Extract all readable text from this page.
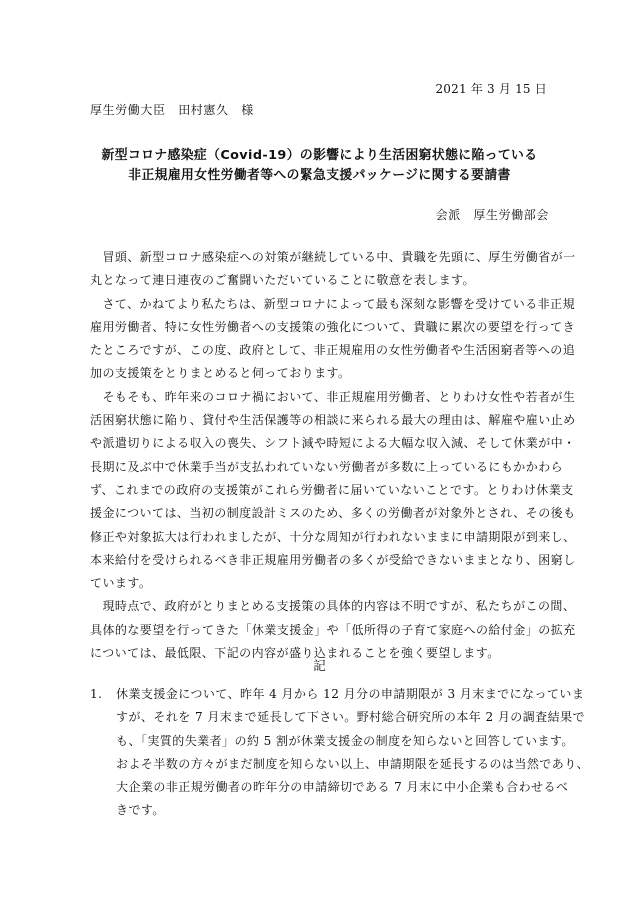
2021 年 3 月 15 日
厚生労働大臣　田村憲久　様
新型コロナ感染症（Covid-19）の影響により生活困窮状態に陥っている
非正規雇用女性労働者等への緊急支援パッケージに関する要請書
会派　厚生労働部会
　冒頭、新型コロナ感染症への対策が継続している中、貴職を先頭に、厚生労働省が一
丸となって連日連夜のご奮闘いただいていることに敬意を表します。
　さて、かねてより私たちは、新型コロナによって最も深刻な影響を受けている非正規
雇用労働者、特に女性労働者への支援策の強化について、貴職に累次の要望を行ってき
たところですが、この度、政府として、非正規雇用の女性労働者や生活困窮者等への追
加の支援策をとりまとめると伺っております。
　そもそも、昨年来のコロナ禍において、非正規雇用労働者、とりわけ女性や若者が生
活困窮状態に陥り、貸付や生活保護等の相談に来られる最大の理由は、解雇や雇い止め
や派遣切りによる収入の喪失、シフト減や時短による大幅な収入減、そして休業が中・
長期に及ぶ中で休業手当が支払われていない労働者が多数に上っているにもかかわら
ず、これまでの政府の支援策がこれら労働者に届いていないことです。とりわけ休業支
援金については、当初の制度設計ミスのため、多くの労働者が対象外とされ、その後も
修正や対象拡大は行われましたが、十分な周知が行われないままに申請期限が到来し、
本来給付を受けられるべき非正規雇用労働者の多くが受給できないままとなり、困窮し
ています。
　現時点で、政府がとりまとめる支援策の具体的内容は不明ですが、私たちがこの間、
具体的な要望を行ってきた「休業支援金」や「低所得の子育て家庭への給付金」の拡充
については、最低限、下記の内容が盛り込まれることを強く要望します。
記
1. 休業支援金について、昨年 4 月から 12 月分の申請期限が 3 月末までになっていま
すが、それを 7 月末まで延長して下さい。野村総合研究所の本年 2 月の調査結果で
も、「実質的失業者」の約 5 割が休業支援金の制度を知らないと回答しています。
およそ半数の方々がまだ制度を知らない以上、申請期限を延長するのは当然であり、
大企業の非正規労働者の昨年分の申請締切である 7 月末に中小企業も合わせるべ
きです。
